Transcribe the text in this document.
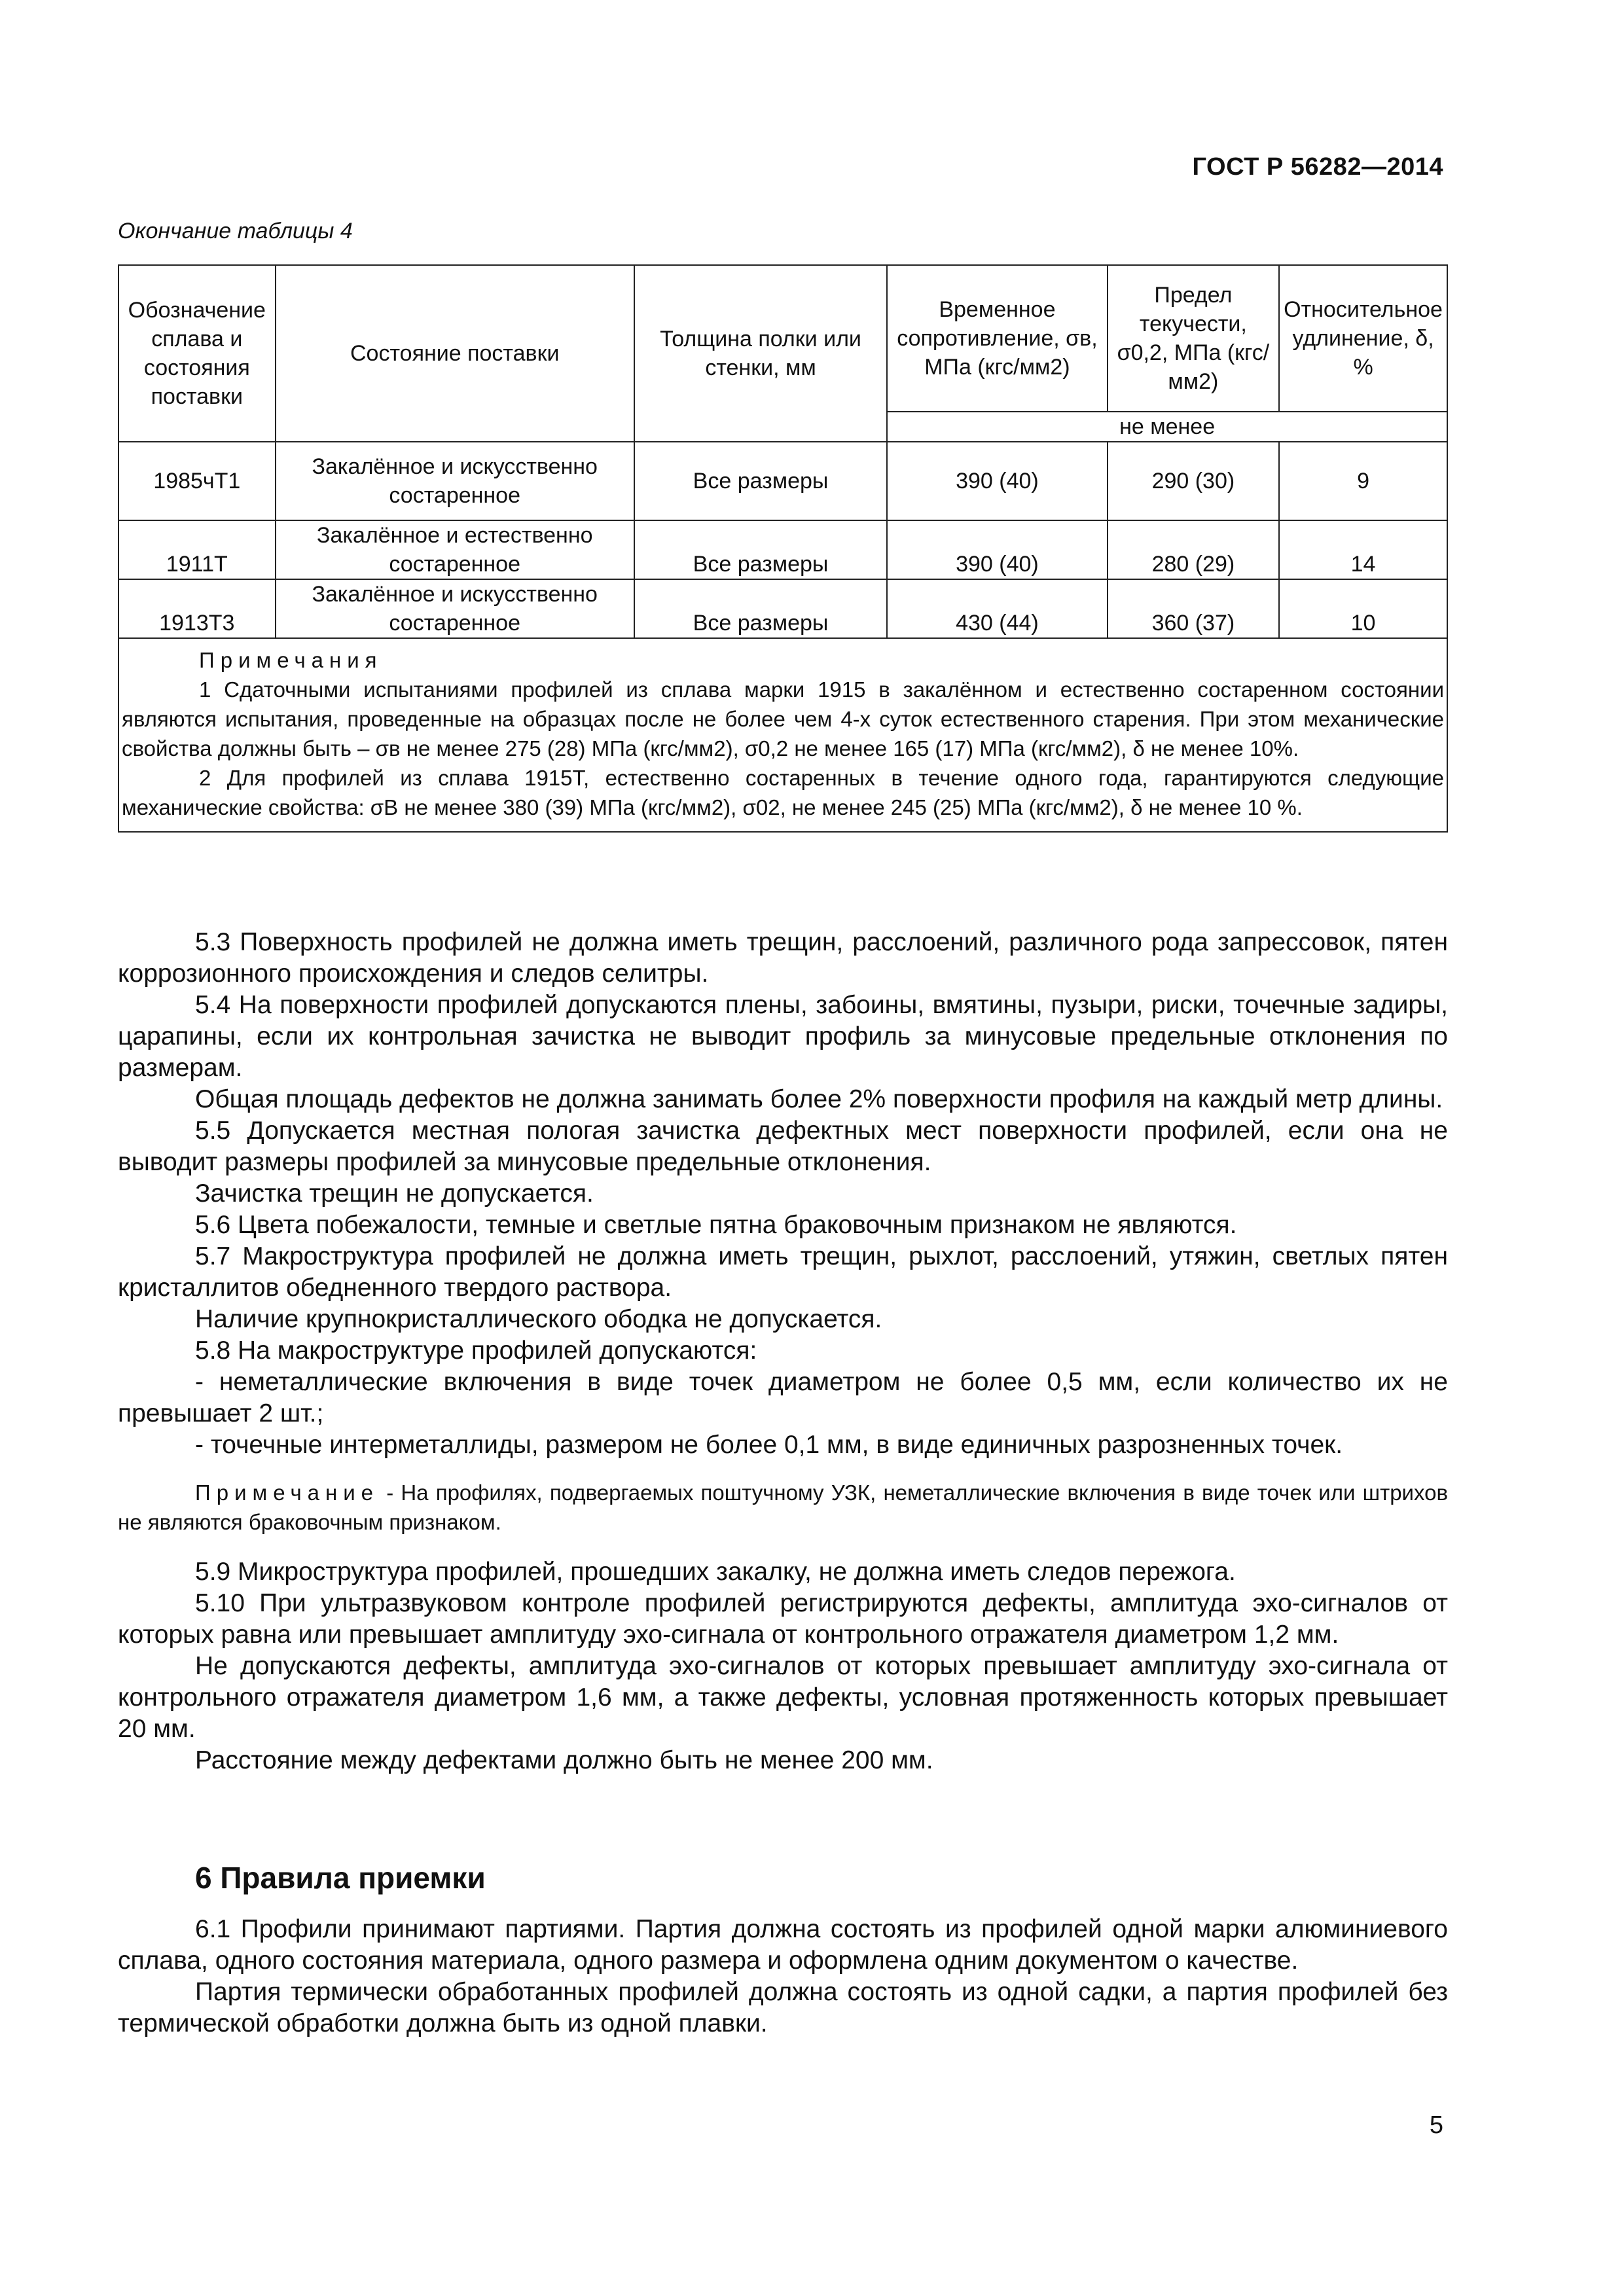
ГОСТ Р 56282—2014
Окончание таблицы 4
Обозначение сплава и состояния поставки	Состояние поставки	Толщина полки или стенки, мм	Временное сопротивление, σв, МПа (кгс/мм2)	Предел текучести, σ0,2, МПа (кгс/мм2)	Относительное удлинение, δ, %
			не менее		
1985чТ1	Закалённое и искусственно состаренное	Все размеры	390 (40)	290 (30)	9
1911Т	Закалённое и естественно состаренное	Все размеры	390 (40)	280 (29)	14
1913Т3	Закалённое и искусственно состаренное	Все размеры	430 (44)	360 (37)	10

Примечания
1 Сдаточными испытаниями профилей из сплава марки 1915 в закалённом и естественно состаренном состоянии являются испытания, проведенные на образцах после не более чем 4-х суток естественного старения. При этом механические свойства должны быть – σв не менее 275 (28) МПа (кгс/мм2), σ0,2 не менее 165 (17) МПа (кгс/мм2), δ не менее 10%.
2 Для профилей из сплава 1915Т, естественно состаренных в течение одного года, гарантируются следующие механические свойства: σВ не менее 380 (39) МПа (кгс/мм2), σ02, не менее 245 (25) МПа (кгс/мм2), δ не менее 10 %.					

5.3 Поверхность профилей не должна иметь трещин, расслоений, различного рода запрессовок, пятен коррозионного происхождения и следов селитры.

5.4 На поверхности профилей допускаются плены, забоины, вмятины, пузыри, риски, точечные задиры, царапины, если их контрольная зачистка не выводит профиль за минусовые предельные отклонения по размерам.

Общая площадь дефектов не должна занимать более 2% поверхности профиля на каждый метр длины.

5.5 Допускается местная пологая зачистка дефектных мест поверхности профилей, если она не выводит размеры профилей за минусовые предельные отклонения.

Зачистка трещин не допускается.

5.6 Цвета побежалости, темные и светлые пятна браковочным признаком не являются.

5.7 Макроструктура профилей не должна иметь трещин, рыхлот, расслоений, утяжин, светлых пятен кристаллитов обедненного твердого раствора.

Наличие крупнокристаллического ободка не допускается.

5.8 На макроструктуре профилей допускаются:

- неметаллические включения в виде точек диаметром не более 0,5 мм, если количество их не превышает 2 шт.;

- точечные интерметаллиды, размером не более 0,1 мм, в виде единичных разрозненных точек.

Примечание - На профилях, подвергаемых поштучному УЗК, неметаллические включения в виде точек или штрихов не являются браковочным признаком.

5.9 Микроструктура профилей, прошедших закалку, не должна иметь следов пережога.

5.10 При ультразвуковом контроле профилей регистрируются дефекты, амплитуда эхо-сигналов от которых равна или превышает амплитуду эхо-сигнала от контрольного отражателя диаметром 1,2 мм.

Не допускаются дефекты, амплитуда эхо-сигналов от которых превышает амплитуду эхо-сигнала от контрольного отражателя диаметром 1,6 мм, а также дефекты, условная протяженность которых превышает 20 мм.

Расстояние между дефектами должно быть не менее 200 мм.

6 Правила приемки

6.1 Профили принимают партиями. Партия должна состоять из профилей одной марки алюминиевого сплава, одного состояния материала, одного размера и оформлена одним документом о качестве.

Партия термически обработанных профилей должна состоять из одной садки, а партия профилей без термической обработки должна быть из одной плавки.

5
